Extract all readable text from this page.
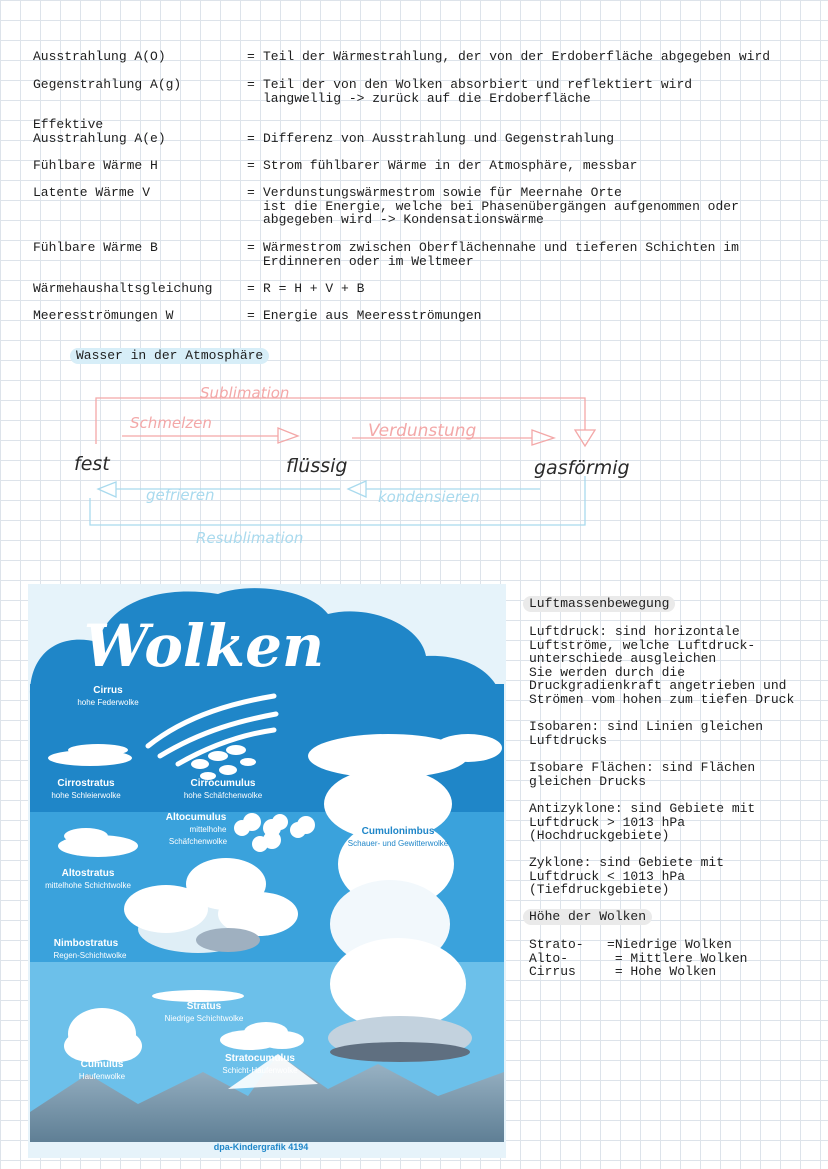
Ausstrahlung A(O)	= Teil der Wärmestrahlung, der von der Erdoberfläche abgegeben wird
Gegenstrahlung A(g)	= Teil der von den Wolken absorbiert und reflektiert wird
langwellig -> zurück auf die Erdoberfläche
Effektive
Ausstrahlung A(e)	= Differenz von Ausstrahlung und Gegenstrahlung
Fühlbare Wärme H	= Strom fühlbarer Wärme in der Atmosphäre, messbar
Latente Wärme V	= Verdunstungswärmestrom sowie für Meernahe Orte
ist die Energie, welche bei Phasenübergängen aufgenommen oder
abgegeben wird -> Kondensationswärme
Fühlbare Wärme B	= Wärmestrom zwischen Oberflächennahe und tieferen Schichten im
Erdinneren oder im Weltmeer
Wärmehaushaltsgleichung	= R = H + V + B
Meeresströmungen W	= Energie aus Meeresströmungen
Wasser in der Atmosphäre
Sublimation
Schmelzen	Verdunstung
gefrieren	kondensieren
Resublimation
fest	flüssig	gasförmig
Wolken
Cirrus
hohe Federwolke
Cirrostratus
hohe Schleierwolke
Cirrocumulus
hohe Schäfchenwolke
Altocumulus
mittelhohe
Schäfchenwolke
Cumulonimbus
Schauer- und Gewitterwolke
Altostratus
mittelhohe Schichtwolke
Nimbostratus
Regen-Schichtwolke
Stratus
Niedrige Schichtwolke
Cumulus
Haufenwolke
Stratocumulus
Schicht-Haufenwolke
dpa-Kindergrafik 4194
Luftmassenbewegung
Luftdruck: sind horizontale
Luftströme, welche Luftdruck-
unterschiede ausgleichen
Sie werden durch die
Druckgradienkraft angetrieben und
Strömen vom hohen zum tiefen Druck
Isobaren: sind Linien gleichen
Luftdrucks
Isobare Flächen: sind Flächen
gleichen Drucks
Antizyklone: sind Gebiete mit
Luftdruck > 1013 hPa
(Hochdruckgebiete)
Zyklone: sind Gebiete mit
Luftdruck < 1013 hPa
(Tiefdruckgebiete)
Höhe der Wolken
Strato-   =Niedrige Wolken
Alto-      = Mittlere Wolken
Cirrus     = Hohe Wolken
